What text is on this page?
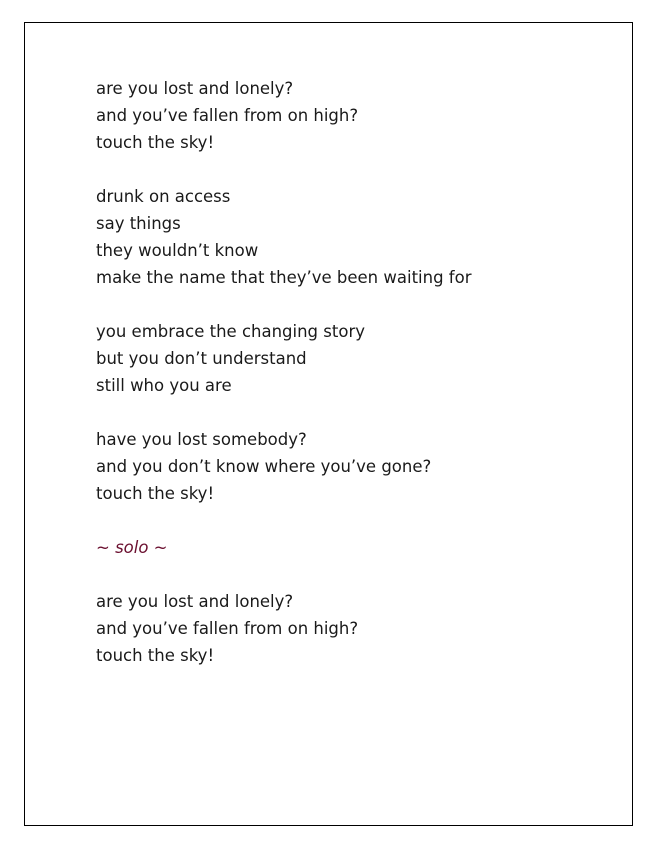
are you lost and lonely?
and you’ve fallen from on high?
touch the sky!
drunk on access
say things
they wouldn’t know
make the name that they’ve been waiting for
you embrace the changing story
but you don’t understand
still who you are
have you lost somebody?
and you don’t know where you’ve gone?
touch the sky!
~ solo ~
are you lost and lonely?
and you’ve fallen from on high?
touch the sky!
